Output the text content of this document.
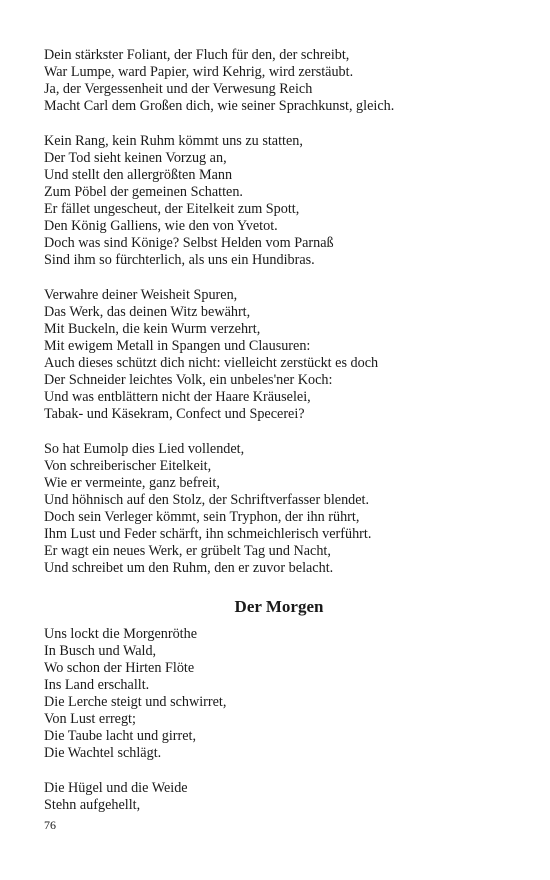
Dein stärkster Foliant, der Fluch für den, der schreibt,
War Lumpe, ward Papier, wird Kehrig, wird zerstäubt.
Ja, der Vergessenheit und der Verwesung Reich
Macht Carl dem Großen dich, wie seiner Sprachkunst, gleich.
Kein Rang, kein Ruhm kömmt uns zu statten,
Der Tod sieht keinen Vorzug an,
Und stellt den allergrößten Mann
Zum Pöbel der gemeinen Schatten.
Er fället ungescheut, der Eitelkeit zum Spott,
Den König Galliens, wie den von Yvetot.
Doch was sind Könige? Selbst Helden vom Parnaß
Sind ihm so fürchterlich, als uns ein Hundibras.
Verwahre deiner Weisheit Spuren,
Das Werk, das deinen Witz bewährt,
Mit Buckeln, die kein Wurm verzehrt,
Mit ewigem Metall in Spangen und Clausuren:
Auch dieses schützt dich nicht: vielleicht zerstückt es doch
Der Schneider leichtes Volk, ein unbeles'ner Koch:
Und was entblättern nicht der Haare Kräuselei,
Tabak- und Käsekram, Confect und Specerei?
So hat Eumolp dies Lied vollendet,
Von schreiberischer Eitelkeit,
Wie er vermeinte, ganz befreit,
Und höhnisch auf den Stolz, der Schriftverfasser blendet.
Doch sein Verleger kömmt, sein Tryphon, der ihn rührt,
Ihm Lust und Feder schärft, ihn schmeichlerisch verführt.
Er wagt ein neues Werk, er grübelt Tag und Nacht,
Und schreibet um den Ruhm, den er zuvor belacht.
Der Morgen
Uns lockt die Morgenröthe
In Busch und Wald,
Wo schon der Hirten Flöte
Ins Land erschallt.
Die Lerche steigt und schwirret,
Von Lust erregt;
Die Taube lacht und girret,
Die Wachtel schlägt.
Die Hügel und die Weide
Stehn aufgehellt,
76
